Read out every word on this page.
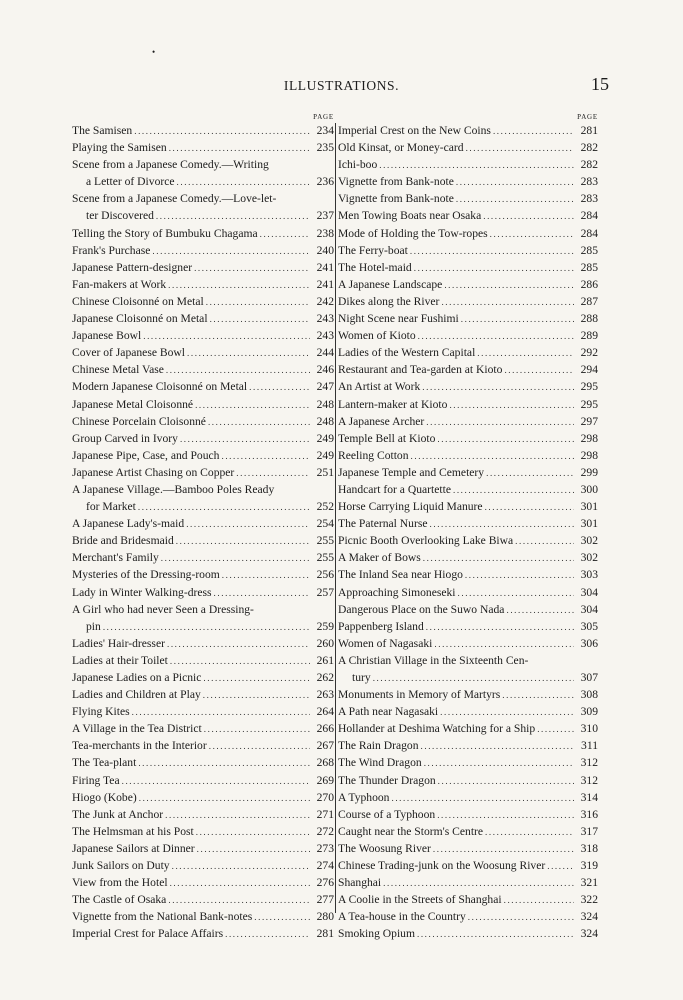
•
ILLUSTRATIONS.	15
PAGE
The Samisen .....	234
Playing the Samisen .....	235
Scene from a Japanese Comedy.—Writing
a Letter of Divorce .....	236
Scene from a Japanese Comedy.—Love-let-
ter Discovered .....	237
Telling the Story of Bumbuku Chagama .....	238
Frank's Purchase .....	240
Japanese Pattern-designer .....	241
Fan-makers at Work .....	241
Chinese Cloisonné on Metal .....	242
Japanese Cloisonné on Metal .....	243
Japanese Bowl .....	243
Cover of Japanese Bowl .....	244
Chinese Metal Vase .....	246
Modern Japanese Cloisonné on Metal .....	247
Japanese Metal Cloisonné .....	248
Chinese Porcelain Cloisonné .....	248
Group Carved in Ivory .....	249
Japanese Pipe, Case, and Pouch .....	249
Japanese Artist Chasing on Copper .....	251
A Japanese Village.—Bamboo Poles Ready
for Market .....	252
A Japanese Lady's-maid .....	254
Bride and Bridesmaid .....	255
Merchant's Family .....	255
Mysteries of the Dressing-room .....	256
Lady in Winter Walking-dress .....	257
A Girl who had never Seen a Dressing-
pin .....	259
Ladies' Hair-dresser .....	260
Ladies at their Toilet .....	261
Japanese Ladies on a Picnic .....	262
Ladies and Children at Play .....	263
Flying Kites .....	264
A Village in the Tea District .....	266
Tea-merchants in the Interior .....	267
The Tea-plant .....	268
Firing Tea .....	269
Hiogo (Kobe) .....	270
The Junk at Anchor .....	271
The Helmsman at his Post .....	272
Japanese Sailors at Dinner .....	273
Junk Sailors on Duty .....	274
View from the Hotel .....	276
The Castle of Osaka .....	277
Vignette from the National Bank-notes .....	280
Imperial Crest for Palace Affairs .....	281
PAGE
Imperial Crest on the New Coins .....	281
Old Kinsat, or Money-card .....	282
Ichi-boo .....	282
Vignette from Bank-note .....	283
Vignette from Bank-note .....	283
Men Towing Boats near Osaka .....	284
Mode of Holding the Tow-ropes .....	284
The Ferry-boat .....	285
The Hotel-maid .....	285
A Japanese Landscape .....	286
Dikes along the River .....	287
Night Scene near Fushimi .....	288
Women of Kioto .....	289
Ladies of the Western Capital .....	292
Restaurant and Tea-garden at Kioto .....	294
An Artist at Work .....	295
Lantern-maker at Kioto .....	295
A Japanese Archer .....	297
Temple Bell at Kioto .....	298
Reeling Cotton .....	298
Japanese Temple and Cemetery .....	299
Handcart for a Quartette .....	300
Horse Carrying Liquid Manure .....	301
The Paternal Nurse .....	301
Picnic Booth Overlooking Lake Biwa .....	302
A Maker of Bows .....	302
The Inland Sea near Hiogo .....	303
Approaching Simoneseki .....	304
Dangerous Place on the Suwo Nada .....	304
Pappenberg Island .....	305
Women of Nagasaki .....	306
A Christian Village in the Sixteenth Cen-
tury .....	307
Monuments in Memory of Martyrs .....	308
A Path near Nagasaki .....	309
Hollander at Deshima Watching for a Ship .....	310
The Rain Dragon .....	311
The Wind Dragon .....	312
The Thunder Dragon .....	312
A Typhoon .....	314
Course of a Typhoon .....	316
Caught near the Storm's Centre .....	317
The Woosung River .....	318
Chinese Trading-junk on the Woosung River .....	319
Shanghai .....	321
A Coolie in the Streets of Shanghai .....	322
A Tea-house in the Country .....	324
Smoking Opium .....	324
